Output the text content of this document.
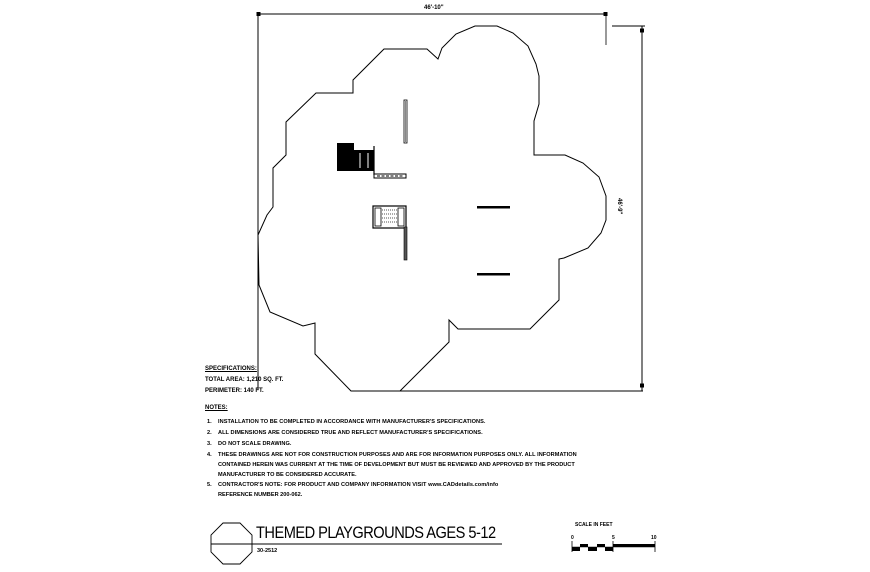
46'-10"
46'-9"
SPECIFICATIONS:
TOTAL AREA: 1,210 SQ. FT.
PERIMETER: 140 FT.
NOTES:
1. INSTALLATION TO BE COMPLETED IN ACCORDANCE WITH MANUFACTURER'S SPECIFICATIONS.
2. ALL DIMENSIONS ARE CONSIDERED TRUE AND REFLECT MANUFACTURER'S SPECIFICATIONS.
3. DO NOT SCALE DRAWING.
4. THESE DRAWINGS ARE NOT FOR CONSTRUCTION PURPOSES AND ARE FOR INFORMATION PURPOSES ONLY. ALL INFORMATION
CONTAINED HEREIN WAS CURRENT AT THE TIME OF DEVELOPMENT BUT MUST BE REVIEWED AND APPROVED BY THE PRODUCT
MANUFACTURER TO BE CONSIDERED ACCURATE.
5. CONTRACTOR'S NOTE: FOR PRODUCT AND COMPANY INFORMATION VISIT www.CADdetails.com/info
REFERENCE NUMBER 200-062.
THEMED PLAYGROUNDS AGES 5-12
30-2512
SCALE IN FEET
0	5	10
